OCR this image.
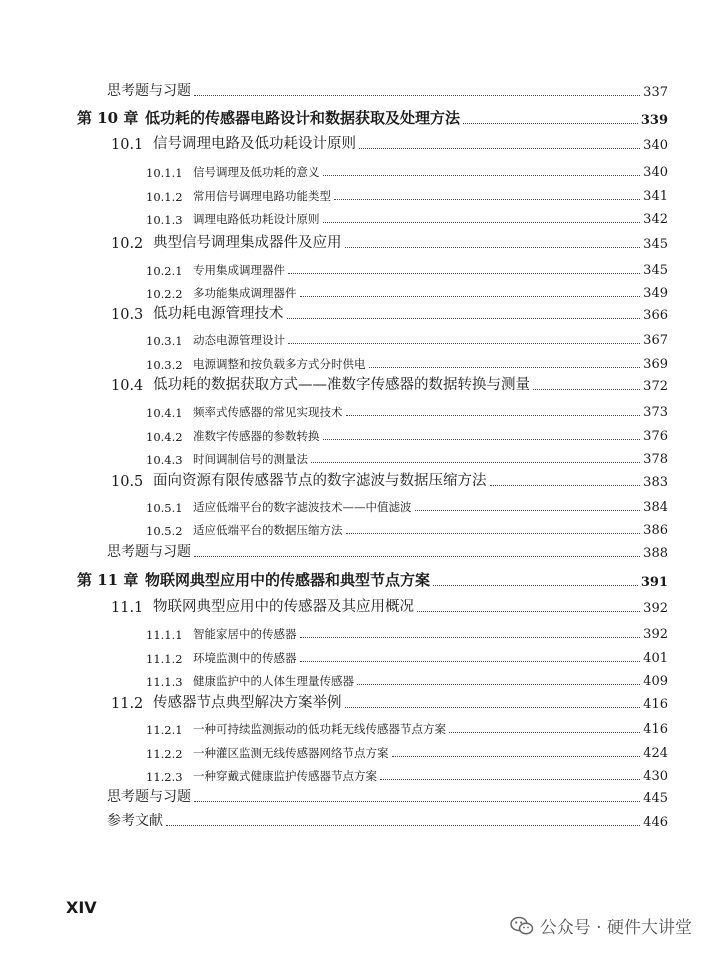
思考题与习题	337
第 10 章 低功耗的传感器电路设计和数据获取及处理方法	339
10.1 信号调理电路及低功耗设计原则	340
10.1.1 信号调理及低功耗的意义	340
10.1.2 常用信号调理电路功能类型	341
10.1.3 调理电路低功耗设计原则	342
10.2 典型信号调理集成器件及应用	345
10.2.1 专用集成调理器件	345
10.2.2 多功能集成调理器件	349
10.3 低功耗电源管理技术	366
10.3.1 动态电源管理设计	367
10.3.2 电源调整和按负载多方式分时供电	369
10.4 低功耗的数据获取方式——准数字传感器的数据转换与测量	372
10.4.1 频率式传感器的常见实现技术	373
10.4.2 准数字传感器的参数转换	376
10.4.3 时间调制信号的测量法	378
10.5 面向资源有限传感器节点的数字滤波与数据压缩方法	383
10.5.1 适应低端平台的数字滤波技术——中值滤波	384
10.5.2 适应低端平台的数据压缩方法	386
思考题与习题	388
第 11 章 物联网典型应用中的传感器和典型节点方案	391
11.1 物联网典型应用中的传感器及其应用概况	392
11.1.1 智能家居中的传感器	392
11.1.2 环境监测中的传感器	401
11.1.3 健康监护中的人体生理量传感器	409
11.2 传感器节点典型解决方案举例	416
11.2.1 一种可持续监测振动的低功耗无线传感器节点方案	416
11.2.2 一种灌区监测无线传感器网络节点方案	424
11.2.3 一种穿戴式健康监护传感器节点方案	430
思考题与习题	445
参考文献	446
XIV
公众号 · 硬件大讲堂
